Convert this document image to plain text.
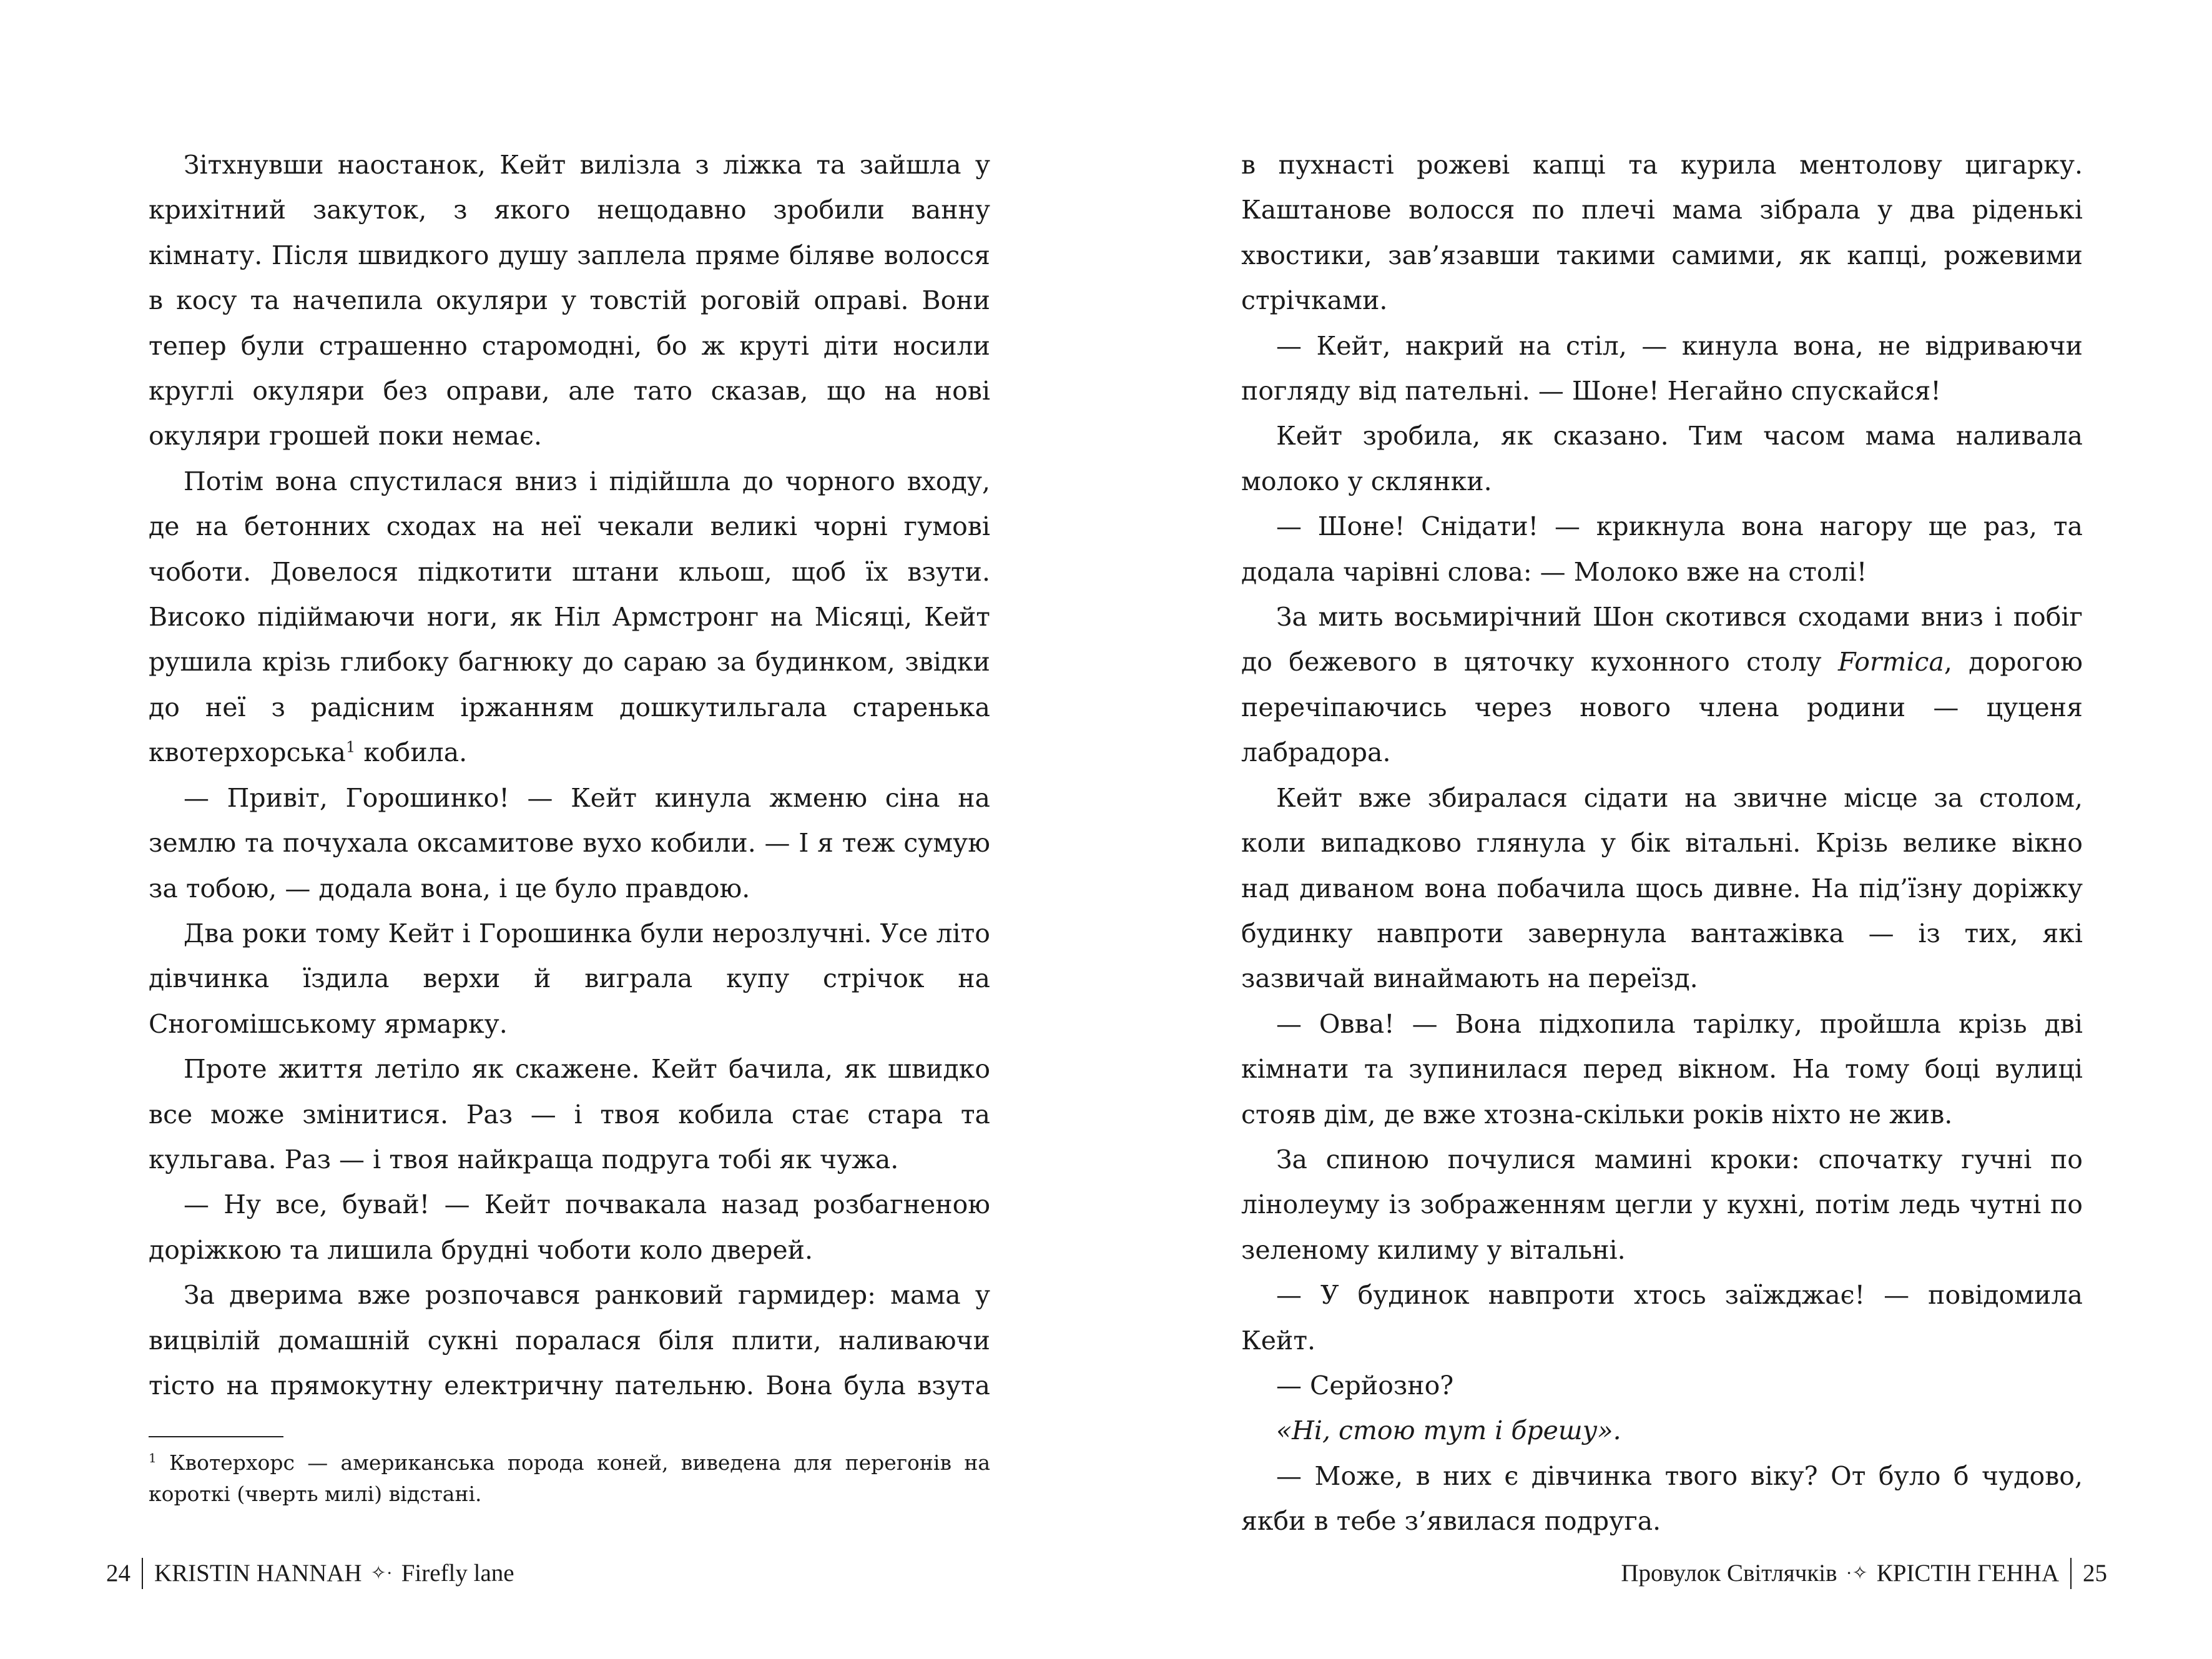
Зітхнувши наостанок, Кейт вилізла з ліжка та зайшла у крихітний закуток, з якого нещодавно зробили ванну кімнату. Після швидкого душу заплела пряме біляве волосся в косу та начепила окуляри у товстій роговій оправі. Вони тепер були страшенно старомодні, бо ж круті діти носили круглі окуляри без оправи, але тато сказав, що на нові окуляри грошей поки немає.

Потім вона спустилася вниз і підійшла до чорного входу, де на бетонних сходах на неї чекали великі чорні гумові чоботи. Довелося підкотити штани кльош, щоб їх взути. Високо підіймаючи ноги, як Ніл Армстронг на Місяці, Кейт рушила крізь глибоку багнюку до сараю за будинком, звідки до неї з радісним іржанням дошкутильгала старенька квотерхорська$^1$ кобила.

— Привіт, Горошинко! — Кейт кинула жменю сіна на землю та почухала оксамитове вухо кобили. — І я теж сумую за тобою, — додала вона, і це було правдою.

Два роки тому Кейт і Горошинка були нерозлучні. Усе літо дівчинка їздила верхи й виграла купу стрічок на Сногомішському ярмарку.

Проте життя летіло як скажене. Кейт бачила, як швидко все може змінитися. Раз — і твоя кобила стає стара та кульгава. Раз — і твоя найкраща подруга тобі як чужа.

— Ну все, бувай! — Кейт почвакала назад розбагненою доріжкою та лишила брудні чоботи коло дверей.

За дверима вже розпочався ранковий гармидер: мама у вицвілій домашній сукні поралася біля плити, наливаючи тісто на прямокутну електричну пательню. Вона була взута

$^1$ Квотерхорс — американська порода коней, виведена для перегонів на короткі (чверть милі) відстані.
24 KRISTIN HANNAH ✧· Firefly lane

в пухнасті рожеві капці та курила ментолову цигарку. Каштанове волосся по плечі мама зібрала у два ріденькі хвостики, зав’язавши такими самими, як капці, рожевими стрічками.

— Кейт, накрий на стіл, — кинула вона, не відриваючи погляду від пательні. — Шоне! Негайно спускайся!

Кейт зробила, як сказано. Тим часом мама наливала молоко у склянки.

— Шоне! Снідати! — крикнула вона нагору ще раз, та додала чарівні слова: — Молоко вже на столі!

За мить восьмирічний Шон скотився сходами вниз і побіг до бежевого в цяточку кухонного столу Formica, дорогою перечіпаючись через нового члена родини — цуценя лабрадора.

Кейт вже збиралася сідати на звичне місце за столом, коли випадково глянула у бік вітальні. Крізь велике вікно над диваном вона побачила щось дивне. На під’їзну доріжку будинку навпроти завернула вантажівка — із тих, які зазвичай винаймають на переїзд.

— Овва! — Вона підхопила тарілку, пройшла крізь дві кімнати та зупинилася перед вікном. На тому боці вулиці стояв дім, де вже хтозна-скільки років ніхто не жив.

За спиною почулися мамині кроки: спочатку гучні по лінолеуму із зображенням цегли у кухні, потім ледь чутні по зеленому килиму у вітальні.

— У будинок навпроти хтось заїжджає! — повідомила Кейт.

— Серйозно?

«Ні, стою тут і брешу».

— Може, в них є дівчинка твого віку? От було б чудово, якби в тебе з’явилася подруга.

Провулок Світлячків ·✧ КРІСТІН ГЕННА 25
